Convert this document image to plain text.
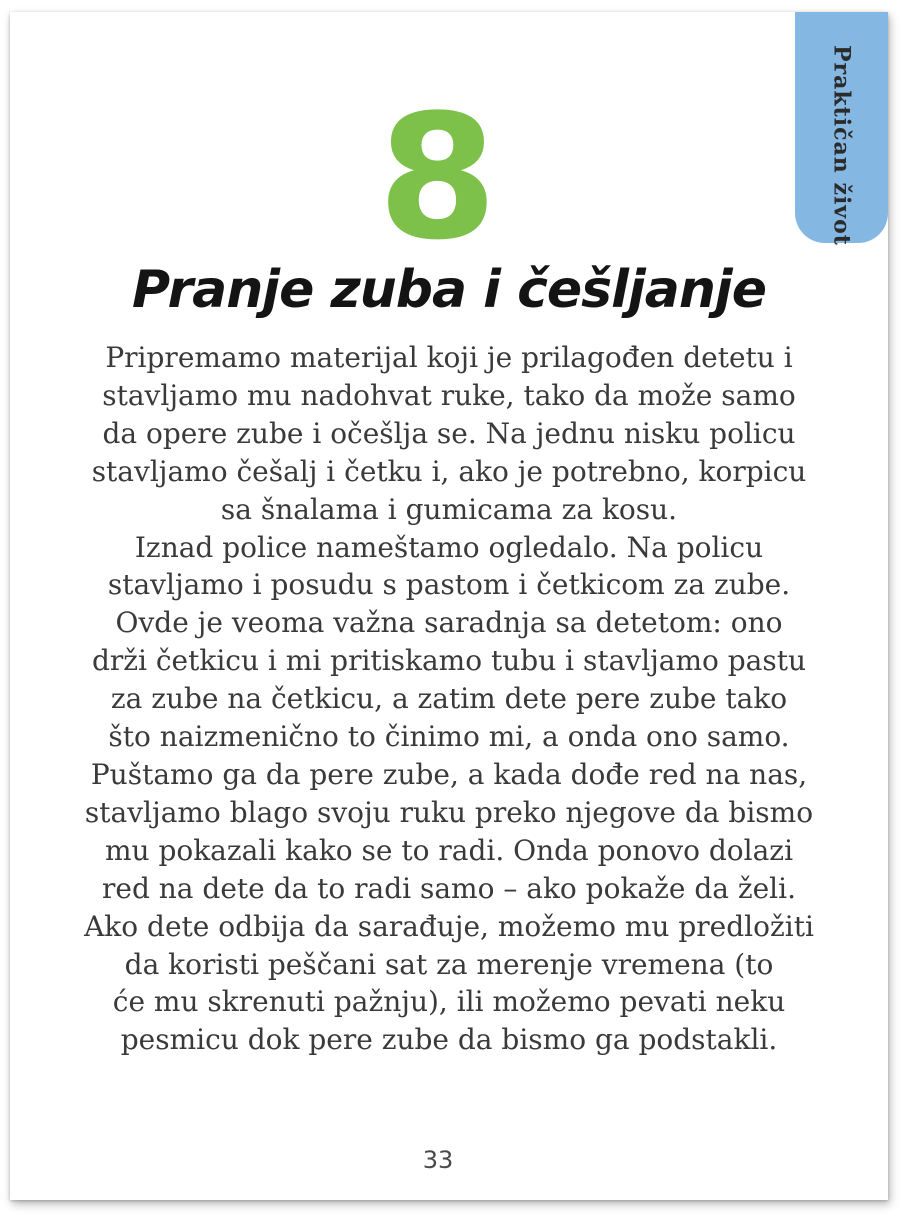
Praktičan život
8
Pranje zuba i češljanje
Pripremamo materijal koji je prilagođen detetu i
stavljamo mu nadohvat ruke, tako da može samo
da opere zube i očešlja se. Na jednu nisku policu
stavljamo češalj i četku i, ako je potrebno, korpicu
sa šnalama i gumicama za kosu.
Iznad police nameštamo ogledalo. Na policu
stavljamo i posudu s pastom i četkicom za zube.
Ovde je veoma važna saradnja sa detetom: ono
drži četkicu i mi pritiskamo tubu i stavljamo pastu
za zube na četkicu, a zatim dete pere zube tako
što naizmenično to činimo mi, a onda ono samo.
Puštamo ga da pere zube, a kada dođe red na nas,
stavljamo blago svoju ruku preko njegove da bismo
mu pokazali kako se to radi. Onda ponovo dolazi
red na dete da to radi samo – ako pokaže da želi.
Ako dete odbija da sarađuje, možemo mu predložiti
da koristi peščani sat za merenje vremena (to
će mu skrenuti pažnju), ili možemo pevati neku
pesmicu dok pere zube da bismo ga podstakli.
33
